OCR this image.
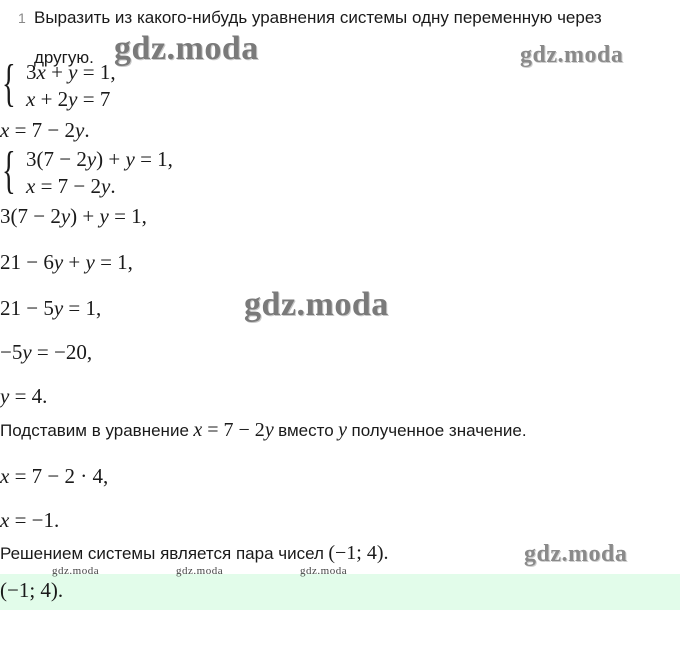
1 Выразить из какого-нибудь уравнения системы одну переменную через
другую.
{ 3x + y = 1,
x + 2y = 7
x = 7 − 2y.
{ 3(7 − 2y) + y = 1,
x = 7 − 2y.
3(7 − 2y) + y = 1,
21 − 6y + y = 1,
21 − 5y = 1,
−5y = −20,
y = 4.
Подставим в уравнение x = 7 − 2y вместо y полученное значение.
x = 7 − 2 · 4,
x = −1.
Решением системы является пара чисел (−1; 4).
(−1; 4).
gdz.moda	gdz.moda
gdz.moda
gdz.moda
gdz.moda	gdz.moda	gdz.moda
